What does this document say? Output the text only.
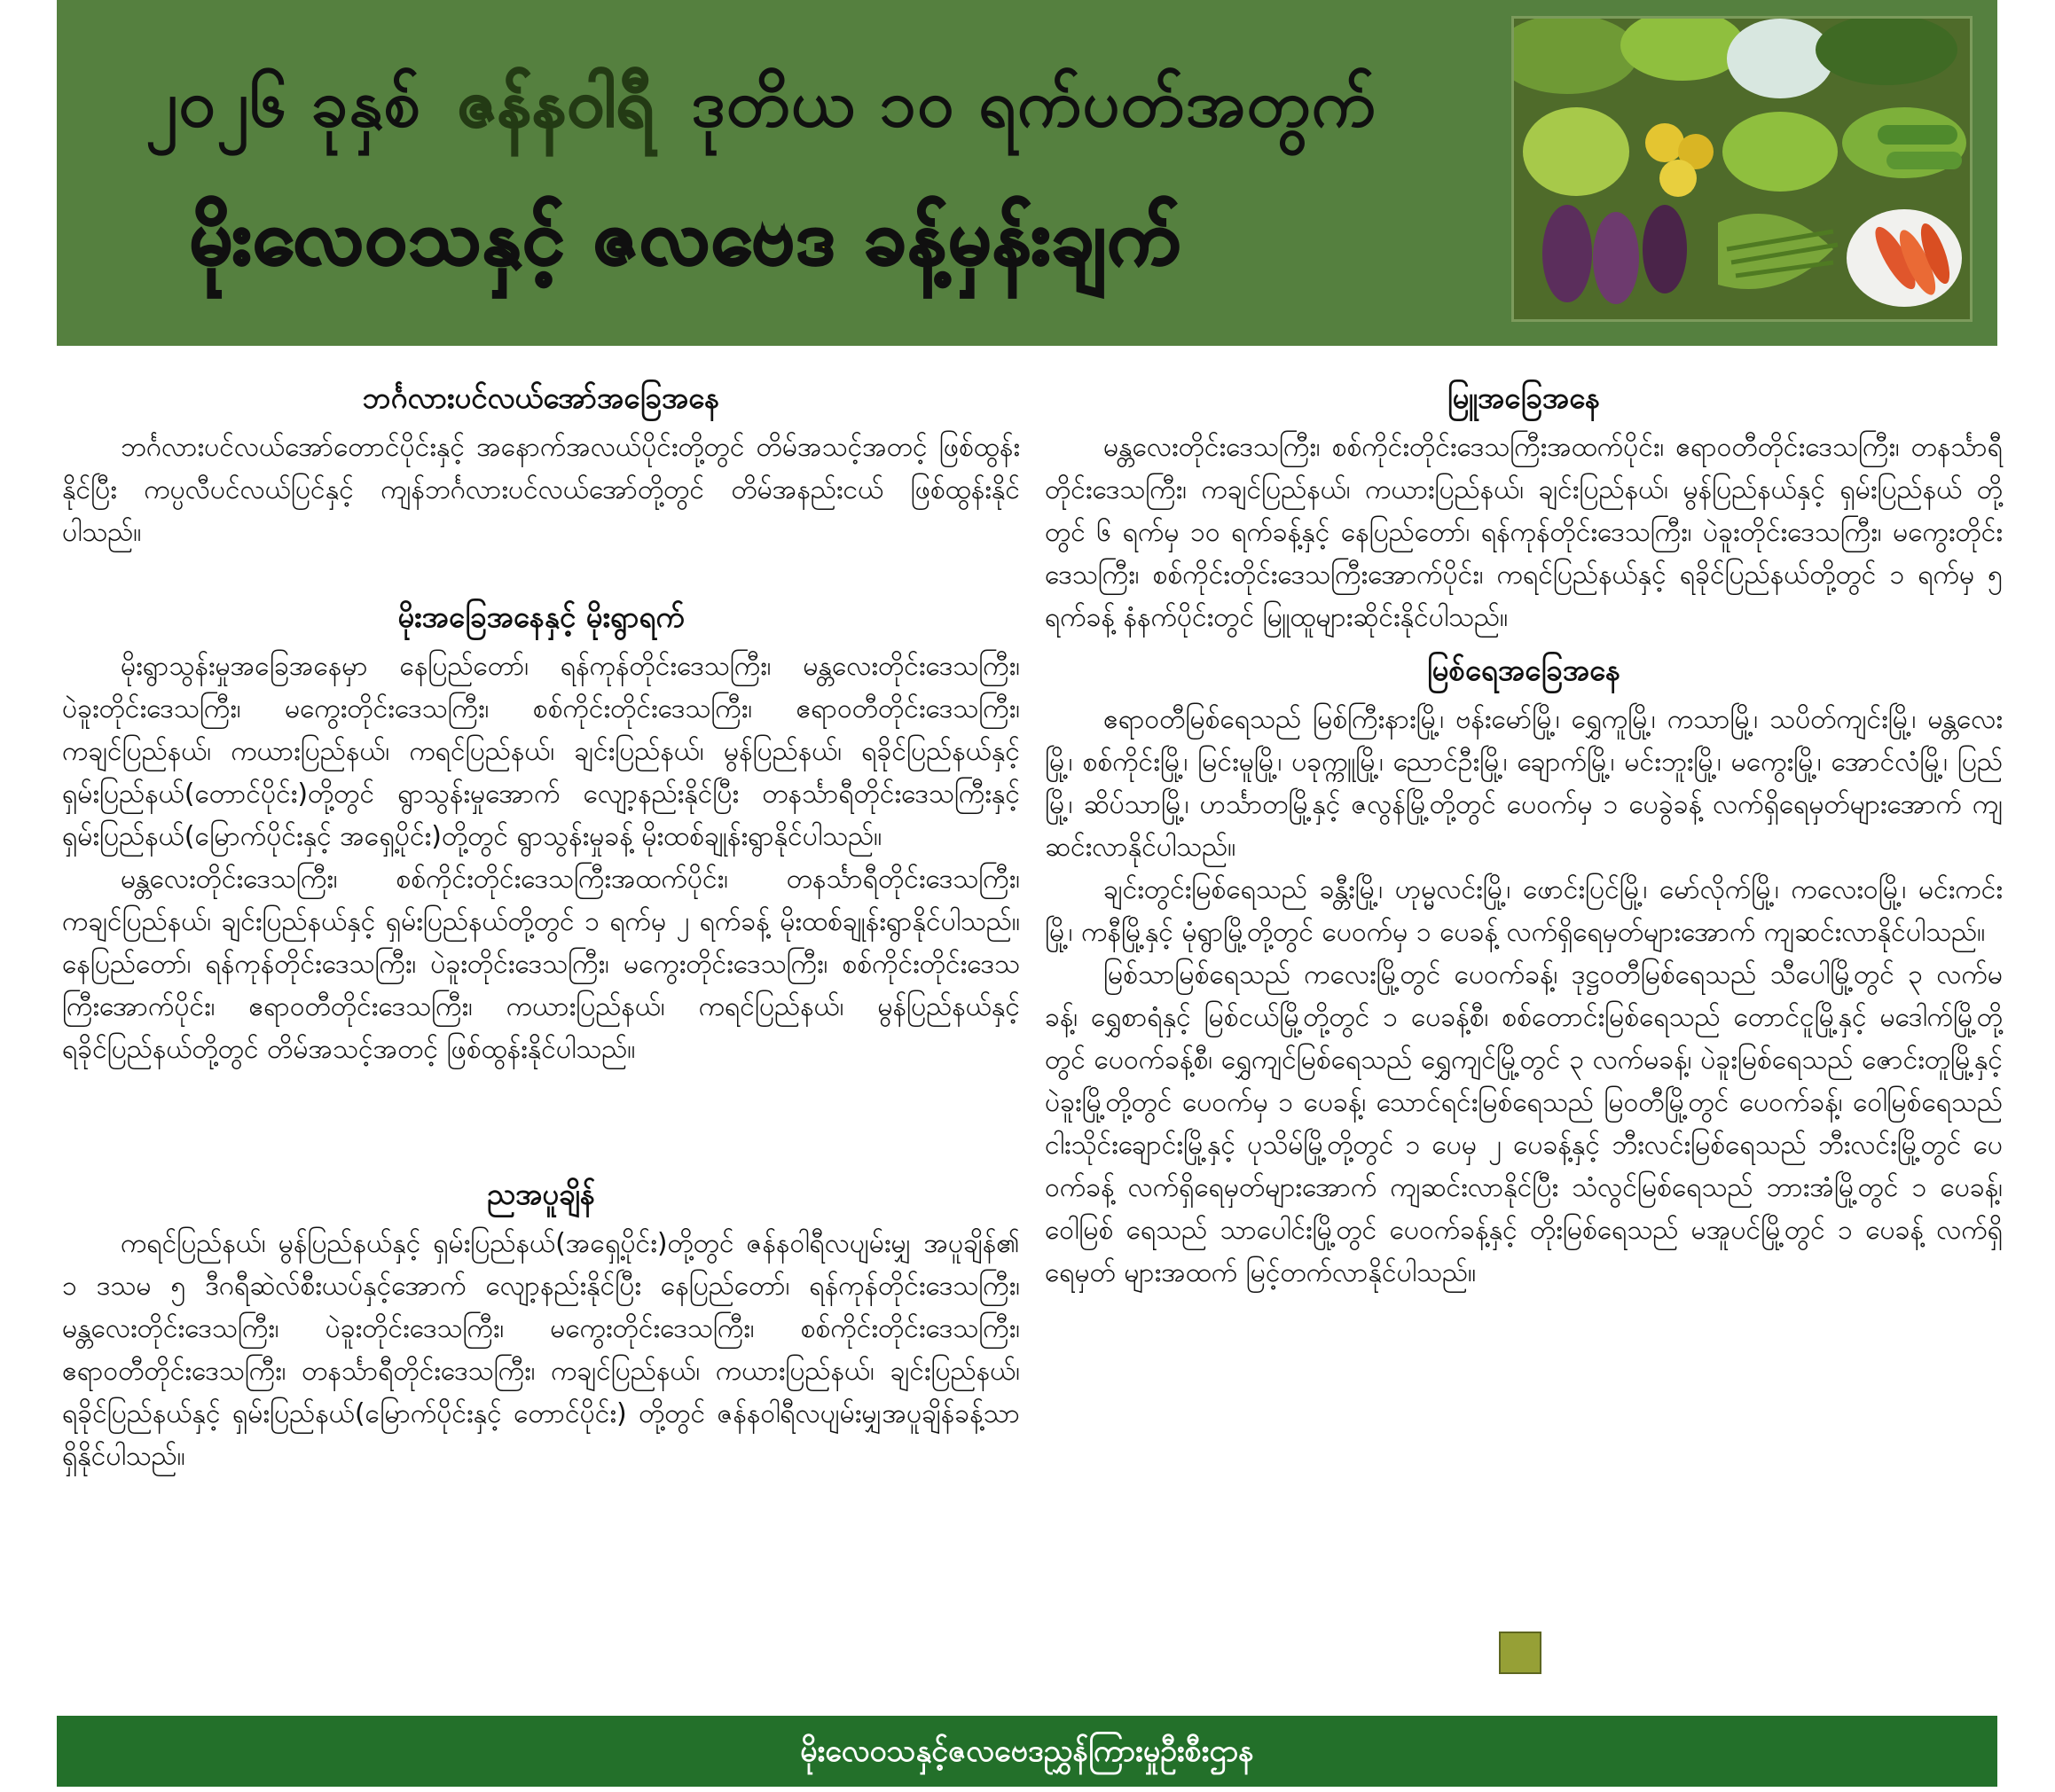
၂၀၂၆ ခုနှစ် ဇန်နဝါရီ ဒုတိယ ၁၀ ရက်ပတ်အတွက်
မိုးလေဝသနှင့် ဇလဗေဒ ခန့်မှန်းချက်
ဘင်္ဂလားပင်လယ်အော်အခြေအနေ

ဘင်္ဂလားပင်လယ်အော်တောင်ပိုင်းနှင့် အနောက်အလယ်ပိုင်းတို့တွင် တိမ်အသင့်အတင့် ဖြစ်ထွန်းနိုင်ပြီး ကပ္ပလီပင်လယ်ပြင်နှင့် ကျန်ဘင်္ဂလားပင်လယ်အော်တို့တွင် တိမ်အနည်းငယ် ဖြစ်ထွန်းနိုင်ပါသည်။

မိုးအခြေအနေနှင့် မိုးရွာရက်

မိုးရွာသွန်းမှုအခြေအနေမှာ နေပြည်တော်၊ ရန်ကုန်တိုင်းဒေသကြီး၊ မန္တလေးတိုင်းဒေသကြီး၊ ပဲခူးတိုင်းဒေသကြီး၊ မကွေးတိုင်းဒေသကြီး၊ စစ်ကိုင်းတိုင်းဒေသကြီး၊ ဧရာဝတီတိုင်းဒေသကြီး၊ ကချင်ပြည်နယ်၊ ကယားပြည်နယ်၊ ကရင်ပြည်နယ်၊ ချင်းပြည်နယ်၊ မွန်ပြည်နယ်၊ ရခိုင်ပြည်နယ်နှင့် ရှမ်းပြည်နယ်(တောင်ပိုင်း)တို့တွင် ရွာသွန်းမှုအောက် လျော့နည်းနိုင်ပြီး တနင်္သာရီတိုင်းဒေသကြီးနှင့် ရှမ်းပြည်နယ်(မြောက်ပိုင်းနှင့် အရှေ့ပိုင်း)တို့တွင် ရွာသွန်းမှုခန့် မိုးထစ်ချုန်းရွာနိုင်ပါသည်။

မန္တလေးတိုင်းဒေသကြီး၊ စစ်ကိုင်းတိုင်းဒေသကြီးအထက်ပိုင်း၊ တနင်္သာရီတိုင်းဒေသကြီး၊ ကချင်ပြည်နယ်၊ ချင်းပြည်နယ်နှင့် ရှမ်းပြည်နယ်တို့တွင် ၁ ရက်မှ ၂ ရက်ခန့် မိုးထစ်ချုန်းရွာနိုင်ပါသည်။ နေပြည်တော်၊ ရန်ကုန်တိုင်းဒေသကြီး၊ ပဲခူးတိုင်းဒေသကြီး၊ မကွေးတိုင်းဒေသကြီး၊ စစ်ကိုင်းတိုင်းဒေသကြီးအောက်ပိုင်း၊ ဧရာဝတီတိုင်းဒေသကြီး၊ ကယားပြည်နယ်၊ ကရင်ပြည်နယ်၊ မွန်ပြည်နယ်နှင့် ရခိုင်ပြည်နယ်တို့တွင် တိမ်အသင့်အတင့် ဖြစ်ထွန်းနိုင်ပါသည်။

ညအပူချိန်

ကရင်ပြည်နယ်၊ မွန်ပြည်နယ်နှင့် ရှမ်းပြည်နယ်(အရှေ့ပိုင်း)တို့တွင် ဇန်နဝါရီလပျမ်းမျှ အပူချိန်၏ ၁ ဒသမ ၅ ဒီဂရီဆဲလ်စီးယပ်နှင့်အောက် လျော့နည်းနိုင်ပြီး နေပြည်တော်၊ ရန်ကုန်တိုင်းဒေသကြီး၊ မန္တလေးတိုင်းဒေသကြီး၊ ပဲခူးတိုင်းဒေသကြီး၊ မကွေးတိုင်းဒေသကြီး၊ စစ်ကိုင်းတိုင်းဒေသကြီး၊ ဧရာဝတီတိုင်းဒေသကြီး၊ တနင်္သာရီတိုင်းဒေသကြီး၊ ကချင်ပြည်နယ်၊ ကယားပြည်နယ်၊ ချင်းပြည်နယ်၊ ရခိုင်ပြည်နယ်နှင့် ရှမ်းပြည်နယ်(မြောက်ပိုင်းနှင့် တောင်ပိုင်း) တို့တွင် ဇန်နဝါရီလပျမ်းမျှအပူချိန်ခန့်သာ ရှိနိုင်ပါသည်။

မြူအခြေအနေ

မန္တလေးတိုင်းဒေသကြီး၊ စစ်ကိုင်းတိုင်းဒေသကြီးအထက်ပိုင်း၊ ဧရာဝတီတိုင်းဒေသကြီး၊ တနင်္သာရီ တိုင်းဒေသကြီး၊ ကချင်ပြည်နယ်၊ ကယားပြည်နယ်၊ ချင်းပြည်နယ်၊ မွန်ပြည်နယ်နှင့် ရှမ်းပြည်နယ် တို့တွင် ၆ ရက်မှ ၁၀ ရက်ခန့်နှင့် နေပြည်တော်၊ ရန်ကုန်တိုင်းဒေသကြီး၊ ပဲခူးတိုင်းဒေသကြီး၊ မကွေးတိုင်းဒေသကြီး၊ စစ်ကိုင်းတိုင်းဒေသကြီးအောက်ပိုင်း၊ ကရင်ပြည်နယ်နှင့် ရခိုင်ပြည်နယ်တို့တွင် ၁ ရက်မှ ၅ ရက်ခန့် နံနက်ပိုင်းတွင် မြူထူများဆိုင်းနိုင်ပါသည်။

မြစ်ရေအခြေအနေ

ဧရာဝတီမြစ်ရေသည် မြစ်ကြီးနားမြို့၊ ဗန်းမော်မြို့၊ ရွှေကူမြို့၊ ကသာမြို့၊ သပိတ်ကျင်းမြို့၊ မန္တလေးမြို့၊ စစ်ကိုင်းမြို့၊ မြင်းမူမြို့၊ ပခုက္ကူမြို့၊ ညောင်ဦးမြို့၊ ချောက်မြို့၊ မင်းဘူးမြို့၊ မကွေးမြို့၊ အောင်လံမြို့၊ ပြည်မြို့၊ ဆိပ်သာမြို့၊ ဟင်္သာတမြို့နှင့် ဇလွန်မြို့တို့တွင် ပေဝက်မှ ၁ ပေခွဲခန့် လက်ရှိရေမှတ်များအောက် ကျဆင်းလာနိုင်ပါသည်။

ချင်းတွင်းမြစ်ရေသည် ခန္တီးမြို့၊ ဟုမ္မလင်းမြို့၊ ဖောင်းပြင်မြို့၊ မော်လိုက်မြို့၊ ကလေးဝမြို့၊ မင်းကင်းမြို့၊ ကနီမြို့နှင့် မုံရွာမြို့တို့တွင် ပေဝက်မှ ၁ ပေခန့် လက်ရှိရေမှတ်များအောက် ကျဆင်းလာနိုင်ပါသည်။

မြစ်သာမြစ်ရေသည် ကလေးမြို့တွင် ပေဝက်ခန့်၊ ဒုဋ္ဌဝတီမြစ်ရေသည် သီပေါမြို့တွင် ၃ လက်မခန့်၊ ရွှေစာရံနှင့် မြစ်ငယ်မြို့တို့တွင် ၁ ပေခန့်စီ၊ စစ်တောင်းမြစ်ရေသည် တောင်ငူမြို့နှင့် မဒေါက်မြို့တို့တွင် ပေဝက်ခန့်စီ၊ ရွှေကျင်မြစ်ရေသည် ရွှေကျင်မြို့တွင် ၃ လက်မခန့်၊ ပဲခူးမြစ်ရေသည် ဇောင်းတူမြို့နှင့် ပဲခူးမြို့တို့တွင် ပေဝက်မှ ၁ ပေခန့်၊ သောင်ရင်းမြစ်ရေသည် မြဝတီမြို့တွင် ပေဝက်ခန့်၊ ဝေါမြစ်ရေသည် ငါးသိုင်းချောင်းမြို့နှင့် ပုသိမ်မြို့တို့တွင် ၁ ပေမှ ၂ ပေခန့်နှင့် ဘီးလင်းမြစ်ရေသည် ဘီးလင်းမြို့တွင် ပေဝက်ခန့် လက်ရှိရေမှတ်များအောက် ကျဆင်းလာနိုင်ပြီး သံလွင်မြစ်ရေသည် ဘားအံမြို့တွင် ၁ ပေခန့်၊ ဝေါမြစ် ရေသည် သာပေါင်းမြို့တွင် ပေဝက်ခန့်နှင့် တိုးမြစ်ရေသည် မအူပင်မြို့တွင် ၁ ပေခန့် လက်ရှိရေမှတ် များအထက် မြင့်တက်လာနိုင်ပါသည်။

မိုးလေဝသနှင့်ဇလဗေဒညွှန်ကြားမှုဦးစီးဌာန
